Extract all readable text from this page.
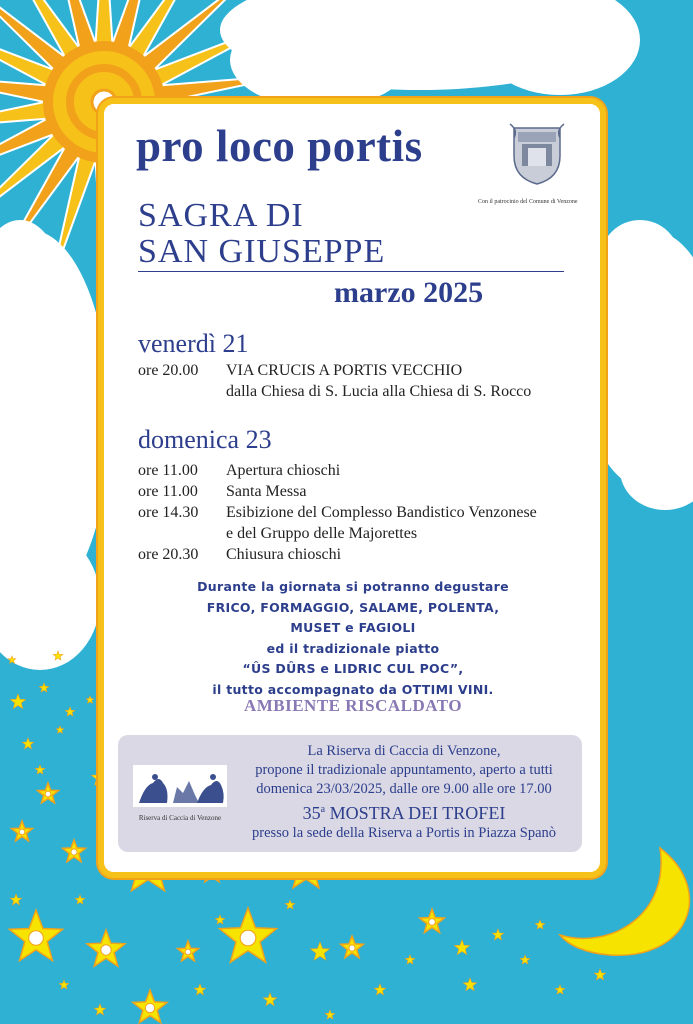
pro loco portis

Con il patrocinio del Comune di Venzone

SAGRA DI
SAN GIUSEPPE

marzo 2025

venerdì 21
ore 20.00 VIA CRUCIS A PORTIS VECCHIO
dalla Chiesa di S. Lucia alla Chiesa di S. Rocco
domenica 23
ore 11.00 Apertura chioschi
ore 11.00 Santa Messa
ore 14.30 Esibizione del Complesso Bandistico Venzonese
e del Gruppo delle Majorettes
ore 20.30 Chiusura chioschi
Durante la giornata si potranno degustare
FRICO, FORMAGGIO, SALAME, POLENTA,
MUSET e FAGIOLI
ed il tradizionale piatto
“ÛS DÛRS e LIDRIC CUL POC”,
il tutto accompagnato da OTTIMI VINI.
AMBIENTE RISCALDATO
Riserva di Caccia di Venzone
La Riserva di Caccia di Venzone,
propone il tradizionale appuntamento, aperto a tutti
domenica 23/03/2025, dalle ore 9.00 alle ore 17.00
35$^a$ MOSTRA DEI TROFEI
presso la sede della Riserva a Portis in Piazza Spanò
